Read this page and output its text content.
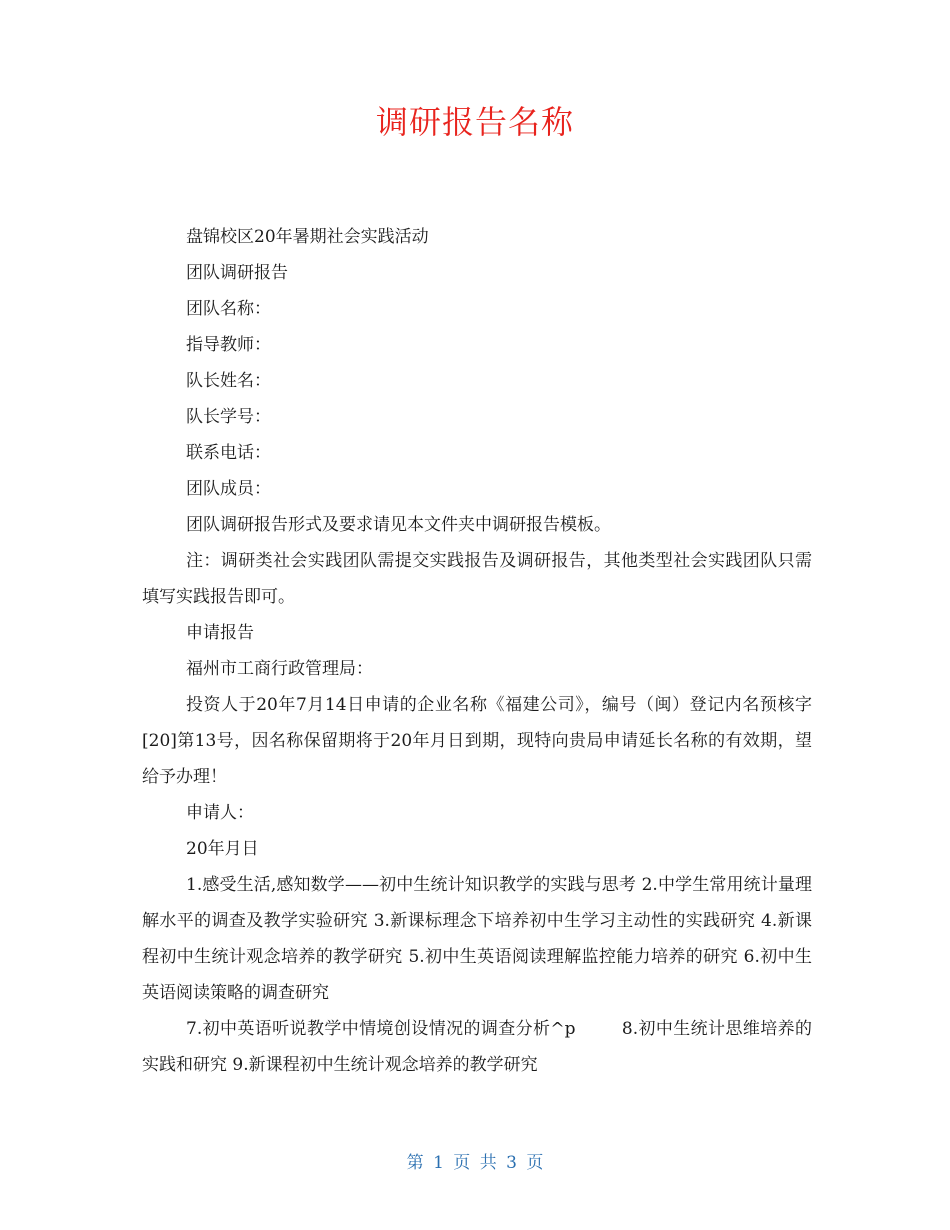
调研报告名称

盘锦校区20年暑期社会实践活动

团队调研报告

团队名称：

指导教师：

队长姓名：

队长学号：

联系电话：

团队成员：

团队调研报告形式及要求请见本文件夹中调研报告模板。

注：调研类社会实践团队需提交实践报告及调研报告，其他类型社会实践团队只需填写实践报告即可。

申请报告

福州市工商行政管理局：

投资人于20年7月14日申请的企业名称《福建公司》，编号（闽）登记内名预核字[20]第13号，因名称保留期将于20年月日到期，现特向贵局申请延长名称的有效期，望给予办理！

申请人：

20年月日

1.感受生活,感知数学——初中生统计知识教学的实践与思考 2.中学生常用统计量理解水平的调查及教学实验研究 3.新课标理念下培养初中生学习主动性的实践研究 4.新课程初中生统计观念培养的教学研究 5.初中生英语阅读理解监控能力培养的研究 6.初中生英语阅读策略的调查研究

7.初中英语听说教学中情境创设情况的调查分析^p        8.初中生统计思维培养的实践和研究 9.新课程初中生统计观念培养的教学研究

第 1 页 共 3 页
